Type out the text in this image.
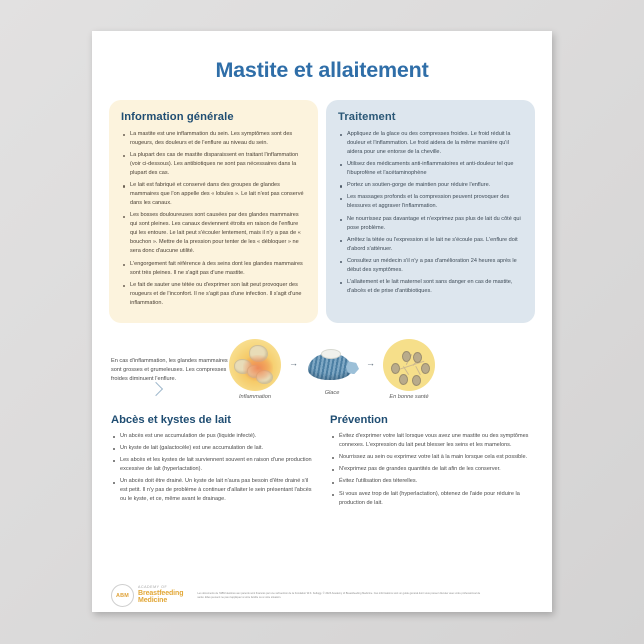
Mastite et allaitement
Information générale
La mastite est une inflammation du sein. Les symptômes sont des rougeurs, des douleurs et de l'enflure au niveau du sein.
La plupart des cas de mastite disparaissent en traitant l'inflammation (voir ci-dessous). Les antibiotiques ne sont pas nécessaires dans la plupart des cas.
Le lait est fabriqué et conservé dans des groupes de glandes mammaires que l'on appelle des « lobules ». Le lait n'est pas conservé dans les canaux.
Les bosses douloureuses sont causées par des glandes mammaires qui sont pleines. Les canaux deviennent étroits en raison de l'enflure qui les entoure. Le lait peut s'écouler lentement, mais il n'y a pas de « bouchon ». Mettre de la pression pour tenter de les « débloquer » ne sera donc d'aucune utilité.
L'engorgement fait référence à des seins dont les glandes mammaires sont très pleines. Il ne s'agit pas d'une mastite.
Le fait de sauter une tétée ou d'exprimer son lait peut provoquer des rougeurs et de l'inconfort. Il ne s'agit pas d'une infection. Il s'agit d'une inflammation.
Traitement
Appliquez de la glace ou des compresses froides. Le froid réduit la douleur et l'inflammation. Le froid aidera de la même manière qu'il aidera pour une entorse de la cheville.
Utilisez des médicaments anti-inflammatoires et anti-douleur tel que l'ibuprofène et l'acétaminophène
Portez un soutien-gorge de maintien pour réduire l'enflure.
Les massages profonds et la compression peuvent provoquer des blessures et aggraver l'inflammation.
Ne nourrissez pas davantage et n'exprimez pas plus de lait du côté qui pose problème.
Arrêtez la tétée ou l'expression si le lait ne s'écoule pas. L'enflure doit d'abord s'atténuer.
Consultez un médecin s'il n'y a pas d'amélioration 24 heures après le début des symptômes.
L'allaitement et le lait maternel sont sans danger en cas de mastite, d'abcès et de prise d'antibiotiques.
En cas d'inflammation, les glandes mammaires sont grosses et grumeleuses. Les compresses froides diminuent l'enflure.
Inflammation
→
Glace
→
En bonne santé
Abcès et kystes de lait
Un abcès est une accumulation de pus (liquide infecté).
Un kyste de lait (galactocèle) est une accumulation de lait.
Les abcès et les kystes de lait surviennent souvent en raison d'une production excessive de lait (hyperlactation).
Un abcès doit être drainé. Un kyste de lait n'aura pas besoin d'être drainé s'il est petit. Il n'y pas de problème à continuer d'allaiter le sein présentant l'abcès ou le kyste, et ce, même avant le drainage.
Prévention
Évitez d'exprimer votre lait lorsque vous avez une mastite ou des symptômes connexes. L'expression du lait peut blesser les seins et les mamelons.
Nourrissez au sein ou exprimez votre lait à la main lorsque cela est possible.
N'exprimez pas de grandes quantités de lait afin de les conserver.
Évitez l'utilisation des téterelles.
Si vous avez trop de lait (hyperlactation), obtenez de l'aide pour réduire la production de lait.
ABM
ACADEMY OF
Breastfeeding
Medicine
Les documents de l'ABM destinés aux parents sont financés par une subvention de la Fondation W.K. Kellogg. © 2023 Academy of Breastfeeding Medicine. Ces informations sont un guide général dont vous pouvez discuter avec votre professionnel de santé. Elles peuvent ne pas s'appliquer à votre famille ou à votre situation.
